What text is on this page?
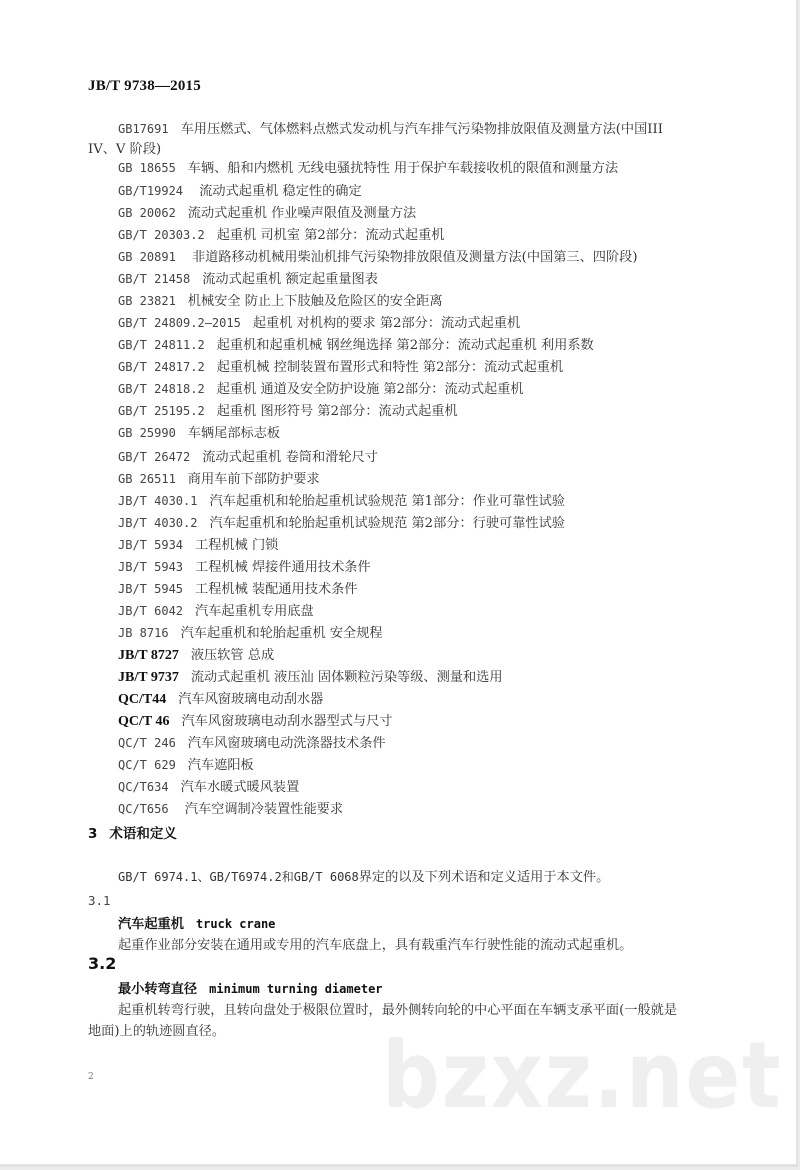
JB/T 9738—2015
GB17691 车用压燃式、气体燃料点燃式发动机与汽车排气污染物排放限值及测量方法(中国III
IV、V 阶段)
GB 18655 车辆、船和内燃机 无线电骚扰特性 用于保护车载接收机的限值和测量方法
GB/T19924 流动式起重机 稳定性的确定
GB 20062 流动式起重机 作业噪声限值及测量方法
GB/T 20303.2 起重机 司机室 第2部分：流动式起重机
GB 20891 非道路移动机械用柴汕机排气污染物排放限值及测量方法(中国第三、四阶段)
GB/T 21458 流动式起重机 额定起重量图表
GB 23821 机械安全 防止上下肢触及危险区的安全距离
GB/T 24809.2—2015 起重机 对机构的要求 第2部分：流动式起重机
GB/T 24811.2 起重机和起重机械 钢丝绳选择 第2部分：流动式起重机 利用系数
GB/T 24817.2 起重机械 控制装置布置形式和特性 第2部分：流动式起重机
GB/T 24818.2 起重机 通道及安全防护设施 第2部分：流动式起重机
GB/T 25195.2 起重机 图形符号 第2部分：流动式起重机
GB 25990 车辆尾部标志板
GB/T 26472 流动式起重机 卷筒和滑轮尺寸
GB 26511 商用车前下部防护要求
JB/T 4030.1 汽车起重机和轮胎起重机试验规范 第1部分：作业可靠性试验
JB/T 4030.2 汽车起重机和轮胎起重机试验规范 第2部分：行驶可靠性试验
JB/T 5934 工程机械 门锁
JB/T 5943 工程机械 焊接件通用技术条件
JB/T 5945 工程机械 装配通用技术条件
JB/T 6042 汽车起重机专用底盘
JB 8716 汽车起重机和轮胎起重机 安全规程
JB/T 8727 液压软管 总成
JB/T 9737 流动式起重机 液压汕 固体颗粒污染等级、测量和选用
QC/T44 汽车风窗玻璃电动刮水器
QC/T 46 汽车风窗玻璃电动刮水器型式与尺寸
QC/T 246 汽车风窗玻璃电动洗涤器技术条件
QC/T 629 汽车遮阳板
QC/T634 汽车水暖式暖风装置
QC/T656 汽车空调制冷装置性能要求
3 术语和定义
GB/T 6974.1、GB/T6974.2和GB/T 6068界定的以及下列术语和定义适用于本文件。
3.1
汽车起重机 truck crane
起重作业部分安装在通用或专用的汽车底盘上，具有载重汽车行驶性能的流动式起重机。
3.2
最小转弯直径 minimum turning diameter
起重机转弯行驶，且转向盘处于极限位置时，最外侧转向轮的中心平面在车辆支承平面(一般就是
地面)上的轨迹圆直径。 bzxz.net
2
